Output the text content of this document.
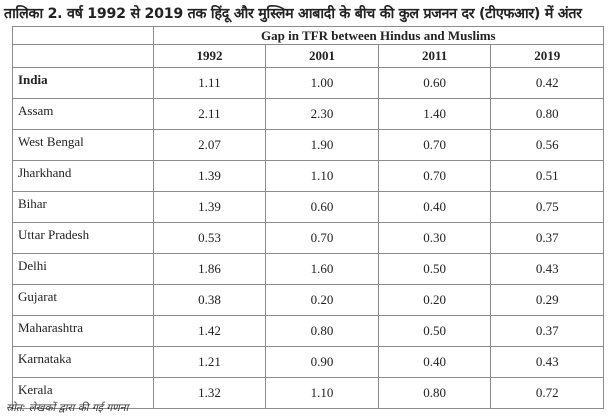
तालिका 2. वर्ष 1992 से 2019 तक हिंदू और मुस्लिम आबादी के बीच की कुल प्रजनन दर (टीएफआर) में अंतर
	Gap in TFR between Hindus and Muslims			
	1992	2001	2011	2019
India	1.11	1.00	0.60	0.42
Assam	2.11	2.30	1.40	0.80
West Bengal	2.07	1.90	0.70	0.56
Jharkhand	1.39	1.10	0.70	0.51
Bihar	1.39	0.60	0.40	0.75
Uttar Pradesh	0.53	0.70	0.30	0.37
Delhi	1.86	1.60	0.50	0.43
Gujarat	0.38	0.20	0.20	0.29
Maharashtra	1.42	0.80	0.50	0.37
Karnataka	1.21	0.90	0.40	0.43
Kerala	1.32	1.10	0.80	0.72
स्रोत: लेखकों द्वारा की गई गणना
